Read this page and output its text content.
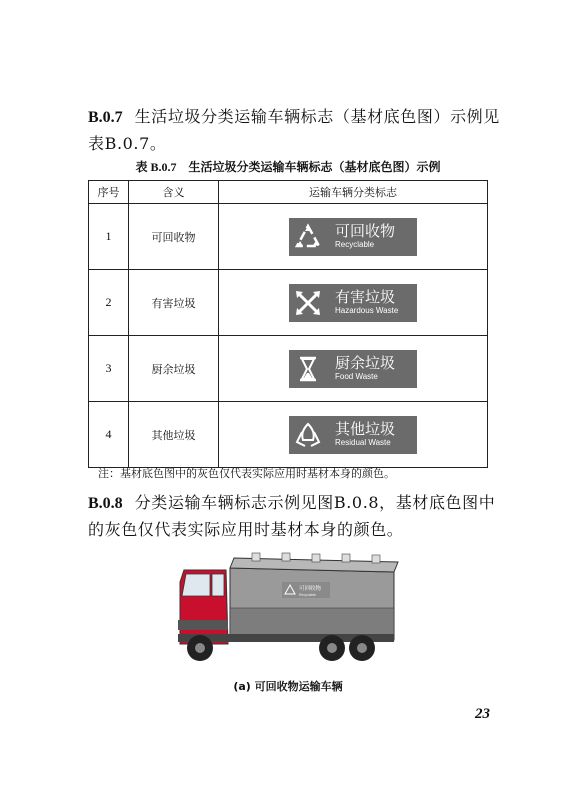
B.0.7 生活垃圾分类运输车辆标志（基材底色图）示例见表B.0.7。
表 B.0.7 生活垃圾分类运输车辆标志（基材底色图）示例
序号	含义	运输车辆分类标志
1	可回收物	可回收物
Recyclable

2	有害垃圾	有害垃圾
Hazardous Waste

3	厨余垃圾	厨余垃圾
Food Waste

4	其他垃圾	其他垃圾
Residual Waste
注：基材底色图中的灰色仅代表实际应用时基材本身的颜色。
B.0.8 分类运输车辆标志示例见图B.0.8，基材底色图中的灰色仅代表实际应用时基材本身的颜色。
可回收物
Recyclable
(a) 可回收物运输车辆
23
